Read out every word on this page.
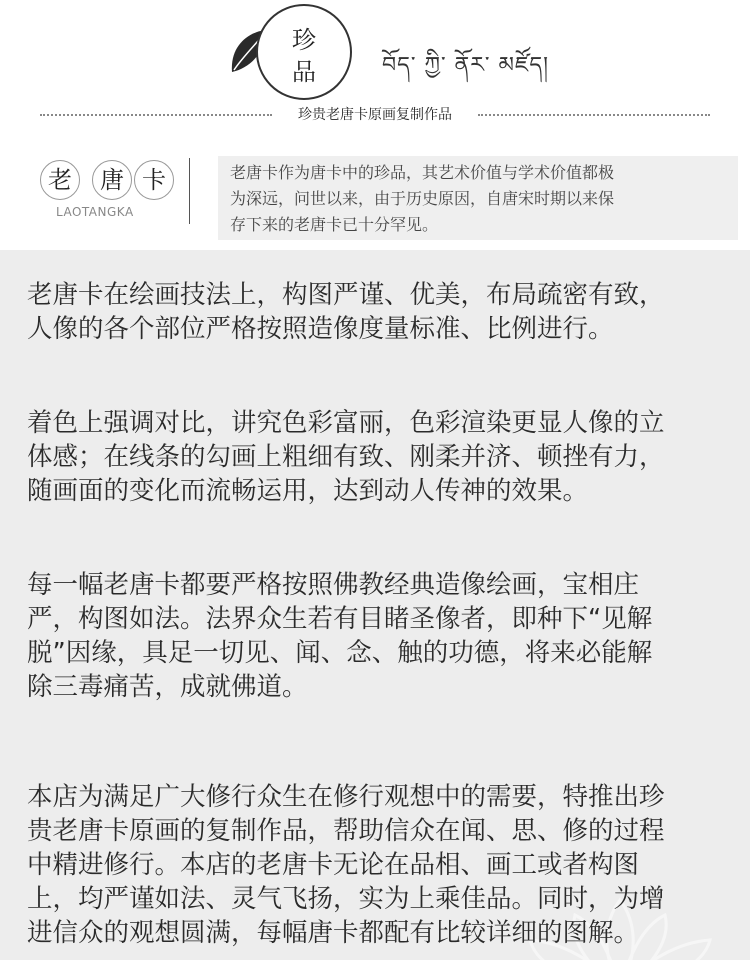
珍
品	བོད་ ཀྱི་ ནོར་ མཛོད།
珍贵老唐卡原画复制作品
老	唐 卡
LAOTANGKA

老唐卡作为唐卡中的珍品，其艺术价值与学术价值都极

为深远，问世以来，由于历史原因，自唐宋时期以来保

存下来的老唐卡已十分罕见。

老唐卡在绘画技法上，构图严谨、优美，布局疏密有致，
人像的各个部位严格按照造像度量标准、比例进行。
着色上强调对比，讲究色彩富丽，色彩渲染更显人像的立
体感；在线条的勾画上粗细有致、刚柔并济、顿挫有力，
随画面的变化而流畅运用，达到动人传神的效果。
每一幅老唐卡都要严格按照佛教经典造像绘画，宝相庄
严，构图如法。法界众生若有目睹圣像者，即种下“见解
脱”因缘，具足一切见、闻、念、触的功德，将来必能解
除三毒痛苦，成就佛道。
本店为满足广大修行众生在修行观想中的需要，特推出珍
贵老唐卡原画的复制作品，帮助信众在闻、思、修的过程
中精进修行。本店的老唐卡无论在品相、画工或者构图
上，均严谨如法、灵气飞扬，实为上乘佳品。同时，为增
进信众的观想圆满，每幅唐卡都配有比较详细的图解。
